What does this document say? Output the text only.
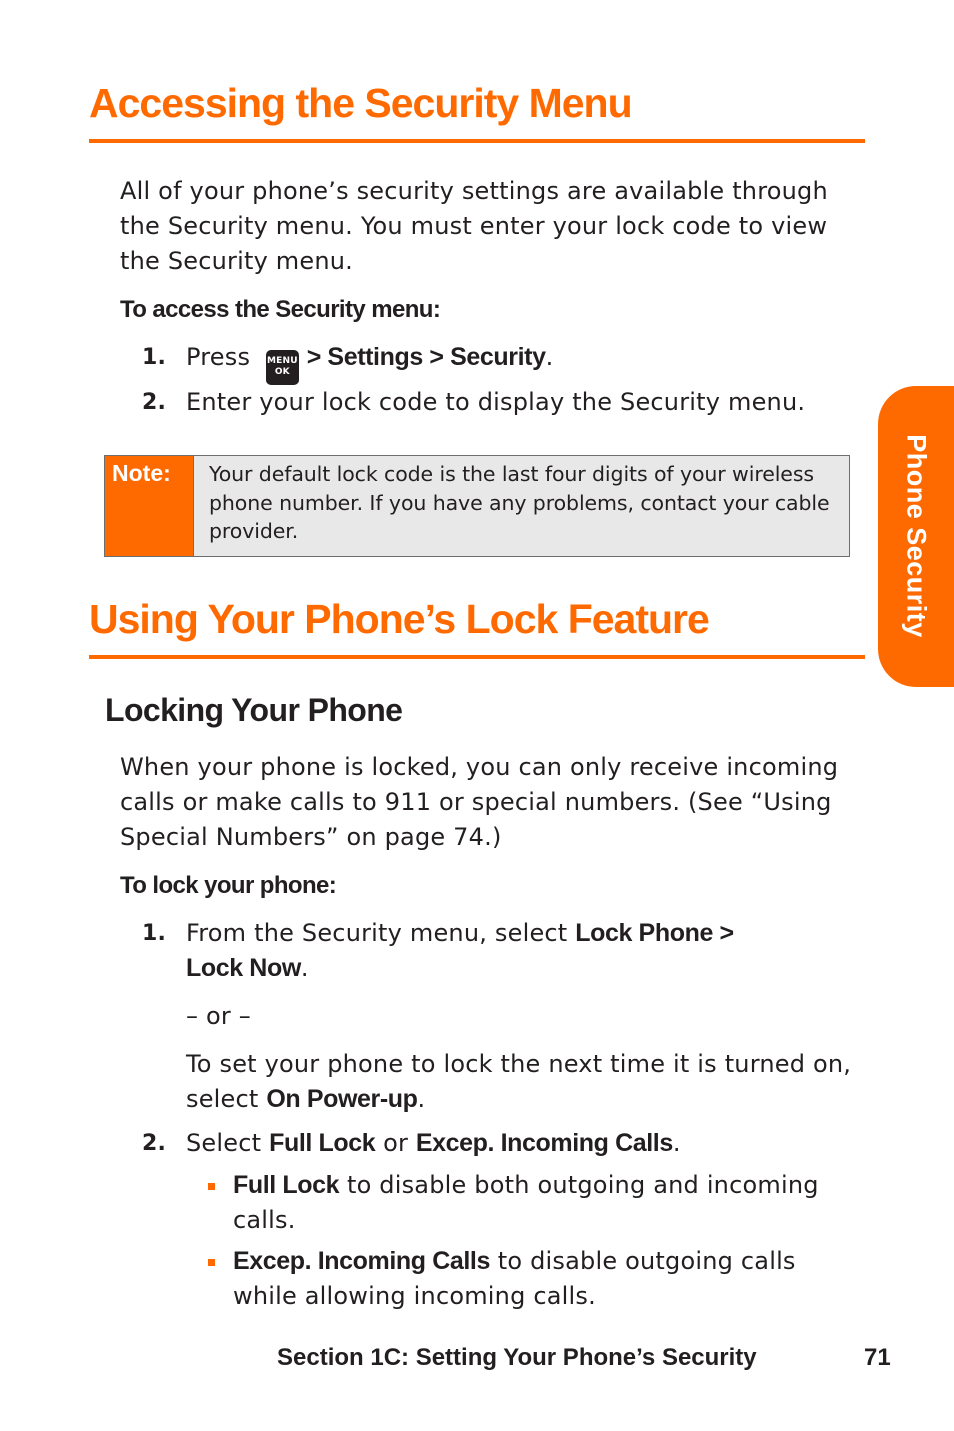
Accessing the Security Menu

All of your phone’s security settings are available through the Security menu. You must enter your lock code to view the Security menu.

To access the Security menu:

1. Press MENU
OK > Settings > Security.
2. Enter your lock code to display the Security menu.
Note:	Your default lock code is the last four digits of your wireless phone number. If you have any problems, contact your cable provider.
Using Your Phone’s Lock Feature
Locking Your Phone

When your phone is locked, you can only receive incoming calls or make calls to 911 or special numbers. (See “Using Special Numbers” on page 74.)

To lock your phone:

1. From the Security menu, select Lock Phone >
Lock Now.
– or –
To set your phone to lock the next time it is turned on, select On Power-up.
2. Select Full Lock or Excep. Incoming Calls.
Full Lock to disable both outgoing and incoming calls.
Excep. Incoming Calls to disable outgoing calls while allowing incoming calls.
Phone Security
Section 1C: Setting Your Phone’s Security	71
